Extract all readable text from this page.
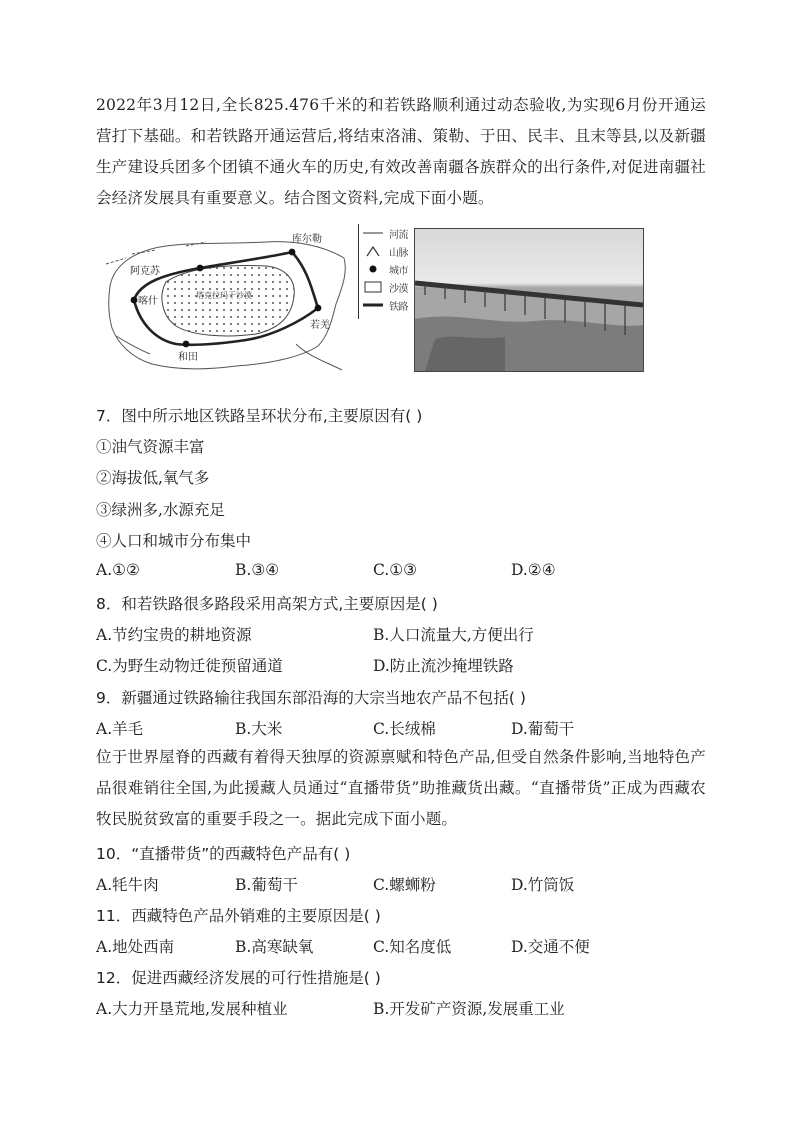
2022年3月12日,全长825.476千米的和若铁路顺利通过动态验收,为实现6月份开通运营打下基础。和若铁路开通运营后,将结束洛浦、策勒、于田、民丰、且末等县,以及新疆生产建设兵团多个团镇不通火车的历史,有效改善南疆各族群众的出行条件,对促进南疆社会经济发展具有重要意义。结合图文资料,完成下面小题。
阿克苏
库尔勒
喀什
和田
若羌
塔克拉玛干沙漠
河流
山脉
城市
沙漠
铁路
7．图中所示地区铁路呈环状分布,主要原因有( )
①油气资源丰富
②海拔低,氧气多
③绿洲多,水源充足
④人口和城市分布集中
A.①②	B.③④	C.①③	D.②④
8．和若铁路很多路段采用高架方式,主要原因是( )
A.节约宝贵的耕地资源	B.人口流量大,方便出行
C.为野生动物迁徙预留通道	D.防止流沙掩埋铁路
9．新疆通过铁路输往我国东部沿海的大宗当地农产品不包括( )
A.羊毛	B.大米	C.长绒棉	D.葡萄干
位于世界屋脊的西藏有着得天独厚的资源禀赋和特色产品,但受自然条件影响,当地特色产品很难销往全国,为此援藏人员通过“直播带货”助推藏货出藏。“直播带货”正成为西藏农牧民脱贫致富的重要手段之一。据此完成下面小题。
10．“直播带货”的西藏特色产品有( )
A.牦牛肉	B.葡萄干	C.螺蛳粉	D.竹筒饭
11．西藏特色产品外销难的主要原因是( )
A.地处西南	B.高寒缺氧	C.知名度低	D.交通不便
12．促进西藏经济发展的可行性措施是( )
A.大力开垦荒地,发展种植业	B.开发矿产资源,发展重工业
